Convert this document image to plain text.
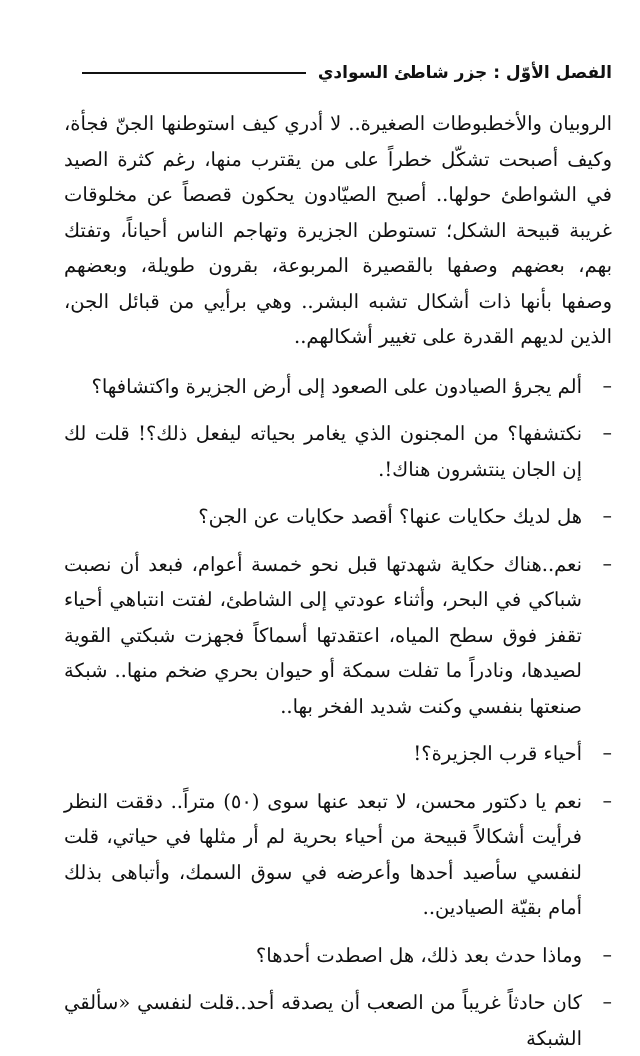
الفصل الأوّل : جزر شاطئ السوادي

الروبيان والأخطبوطات الصغيرة.. لا أدري كيف استوطنها الجنّ فجأة، وكيف أصبحت تشكّل خطراً على من يقترب منها، رغم كثرة الصيد في الشواطئ حولها.. أصبح الصيّادون يحكون قصصاً عن مخلوقات غريبة قبيحة الشكل؛ تستوطن الجزيرة وتهاجم الناس أحياناً، وتفتك بهم، بعضهم وصفها بالقصيرة المربوعة، بقرون طويلة، وبعضهم وصفها بأنها ذات أشكال تشبه البشر.. وهي برأيي من قبائل الجن، الذين لديهم القدرة على تغيير أشكالهم..

–
ألم يجرؤ الصيادون على الصعود إلى أرض الجزيرة واكتشافها؟
–
نكتشفها؟ من المجنون الذي يغامر بحياته ليفعل ذلك؟! قلت لك إن الجان ينتشرون هناك!.
–
هل لديك حكايات عنها؟ أقصد حكايات عن الجن؟
–
نعم..هناك حكاية شهدتها قبل نحو خمسة أعوام، فبعد أن نصبت شباكي في البحر، وأثناء عودتي إلى الشاطئ، لفتت انتباهي أحياء تقفز فوق سطح المياه، اعتقدتها أسماكاً فجهزت شبكتي القوية لصيدها، ونادراً ما تفلت سمكة أو حيوان بحري ضخم منها.. شبكة صنعتها بنفسي وكنت شديد الفخر بها..
–
أحياء قرب الجزيرة؟!
–
نعم يا دكتور محسن، لا تبعد عنها سوى (٥٠) متراً.. دققت النظر فرأيت أشكالاً قبيحة من أحياء بحرية لم أر مثلها في حياتي، قلت لنفسي سأصيد أحدها وأعرضه في سوق السمك، وأتباهى بذلك أمام بقيّة الصيادين..
–
وماذا حدث بعد ذلك، هل اصطدت أحدها؟
–
كان حادثاً غريباً من الصعب أن يصدقه أحد..قلت لنفسي «سألقي الشبكة
